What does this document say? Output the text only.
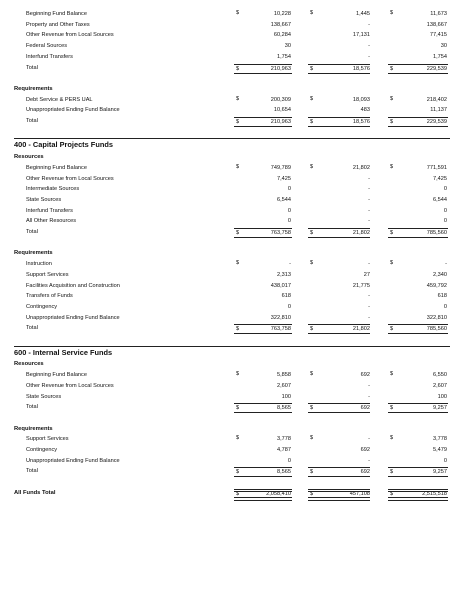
Beginning Fund Balance	$	10,228	$	1,445	$	11,673
Property and Other Taxes	138,667	-	138,667
Other Revenue from Local Sources	60,284	17,131	77,415
Federal Sources	30	-	30
Interfund Transfers	1,754	-	1,754
Total	$	210,963	$	18,576	$	229,539
Requirements
Debt Service & PERS UAL	$	200,309	$	18,093	$	218,402
Unappropriated Ending Fund Balance	10,654	483	11,137
Total	$	210,963	$	18,576	$	229,539
400 - Capital Projects Funds
Resources
Beginning Fund Balance	$	749,789	$	21,802	$	771,591
Other Revenue from Local Sources	7,425	-	7,425
Intermediate Sources	0	-	0
State Sources	6,544	-	6,544
Interfund Transfers	0	-	0
All Other Resources	0	-	0
Total	$	763,758	$	21,802	$	785,560
Requirements
Instruction	$	-	$	-	$	-
Support Services	2,313	27	2,340
Facilities Acquisition and Construction	438,017	21,775	459,792
Transfers of Funds	618	-	618
Contingency	0	-	0
Unappropriated Ending Fund Balance	322,810	-	322,810
Total	$	763,758	$	21,802	$	785,560
600 - Internal Service Funds
Resources
Beginning Fund Balance	$	5,858	$	692	$	6,550
Other Revenue from Local Sources	2,607	-	2,607
State Sources	100	-	100
Total	$	8,565	$	692	$	9,257
Requirements
Support Services	$	3,778	$	-	$	3,778
Contingency	4,787	692	5,479
Unappropriated Ending Fund Balance	0	-	0
Total	$	8,565	$	692	$	9,257
All Funds Total	$	2,058,410	$	457,108	$	2,515,518
